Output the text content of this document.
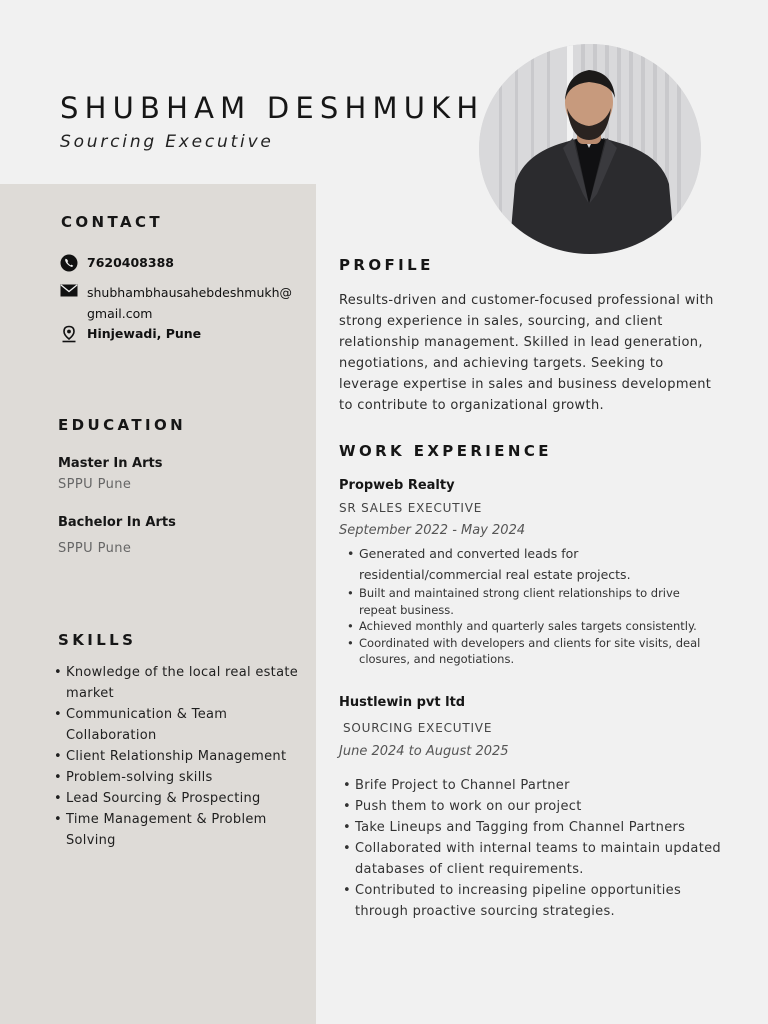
SHUBHAM DESHMUKH
Sourcing Executive
CONTACT
7620408388
shubhambhausahebdeshmukh@
gmail.com
Hinjewadi, Pune
EDUCATION
Master In Arts
SPPU Pune
Bachelor In Arts
SPPU Pune
SKILLS
• Knowledge of the local real estate market
• Communication & Team Collaboration
• Client Relationship Management
• Problem-solving skills
• Lead Sourcing & Prospecting
• Time Management & Problem Solving
PROFILE
Results-driven and customer-focused professional with strong experience in sales, sourcing, and client relationship management. Skilled in lead generation, negotiations, and achieving targets. Seeking to leverage expertise in sales and business development to contribute to organizational growth.
WORK EXPERIENCE
Propweb Realty
SR SALES EXECUTIVE
September 2022 - May 2024
• Generated and converted leads for residential/commercial real estate projects.
• Built and maintained strong client relationships to drive repeat business.
• Achieved monthly and quarterly sales targets consistently.
• Coordinated with developers and clients for site visits, deal closures, and negotiations.
Hustlewin pvt ltd
SOURCING EXECUTIVE
June 2024 to August 2025
• Brife Project to Channel Partner
• Push them to work on our project
• Take Lineups and Tagging from Channel Partners
• Collaborated with internal teams to maintain updated databases of client requirements.
• Contributed to increasing pipeline opportunities through proactive sourcing strategies.
